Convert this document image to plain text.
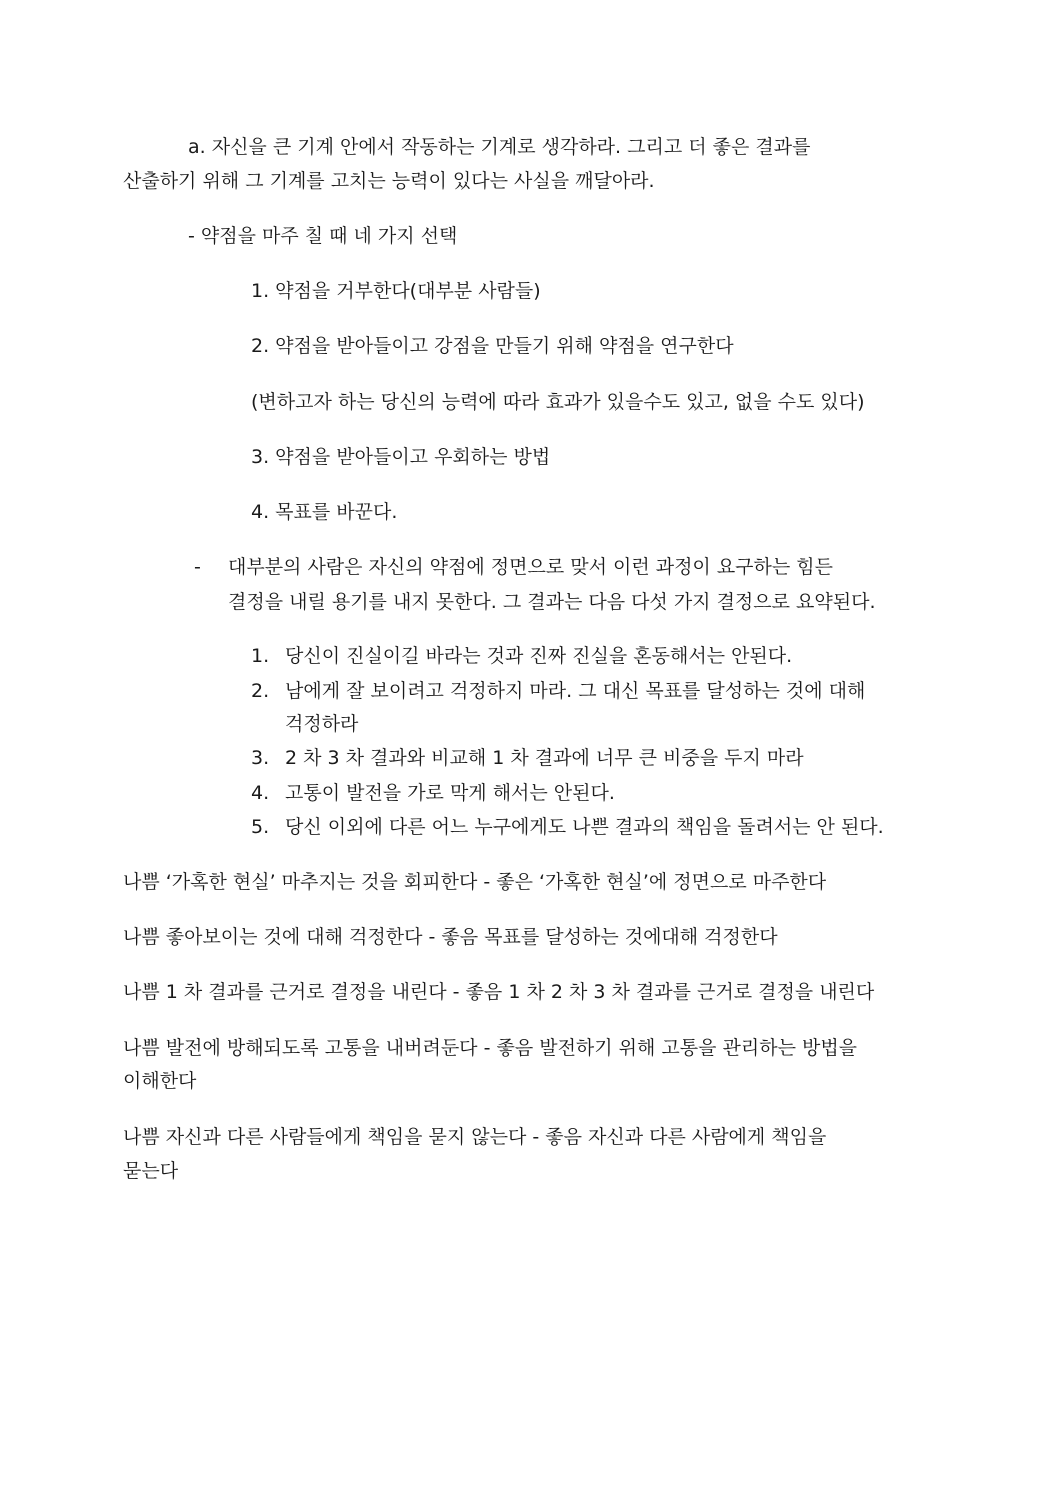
a. 자신을 큰 기계 안에서 작동하는 기계로 생각하라. 그리고 더 좋은 결과를
산출하기 위해 그 기계를 고치는 능력이 있다는 사실을 깨달아라.
- 약점을 마주 칠 때 네 가지 선택
1. 약점을 거부한다(대부분 사람들)
2. 약점을 받아들이고 강점을 만들기 위해 약점을 연구한다
(변하고자 하는 당신의 능력에 따라 효과가 있을수도 있고, 없을 수도 있다)
3. 약점을 받아들이고 우회하는 방법
4. 목표를 바꾼다.
- 대부분의 사람은 자신의 약점에 정면으로 맞서 이런 과정이 요구하는 힘든
결정을 내릴 용기를 내지 못한다. 그 결과는 다음 다섯 가지 결정으로 요약된다.
1. 당신이 진실이길 바라는 것과 진짜 진실을 혼동해서는 안된다.
2. 남에게 잘 보이려고 걱정하지 마라. 그 대신 목표를 달성하는 것에 대해
걱정하라
3. 2 차 3 차 결과와 비교해 1 차 결과에 너무 큰 비중을 두지 마라
4. 고통이 발전을 가로 막게 해서는 안된다.
5. 당신 이외에 다른 어느 누구에게도 나쁜 결과의 책임을 돌려서는 안 된다.
나쁨 ‘가혹한 현실’ 마추지는 것을 회피한다 - 좋은 ‘가혹한 현실’에 정면으로 마주한다
나쁨 좋아보이는 것에 대해 걱정한다 - 좋음 목표를 달성하는 것에대해 걱정한다
나쁨 1 차 결과를 근거로 결정을 내린다 - 좋음 1 차 2 차 3 차 결과를 근거로 결정을 내린다
나쁨 발전에 방해되도록 고통을 내버려둔다 - 좋음 발전하기 위해 고통을 관리하는 방법을
이해한다
나쁨 자신과 다른 사람들에게 책임을 묻지 않는다 - 좋음 자신과 다른 사람에게 책임을
묻는다
